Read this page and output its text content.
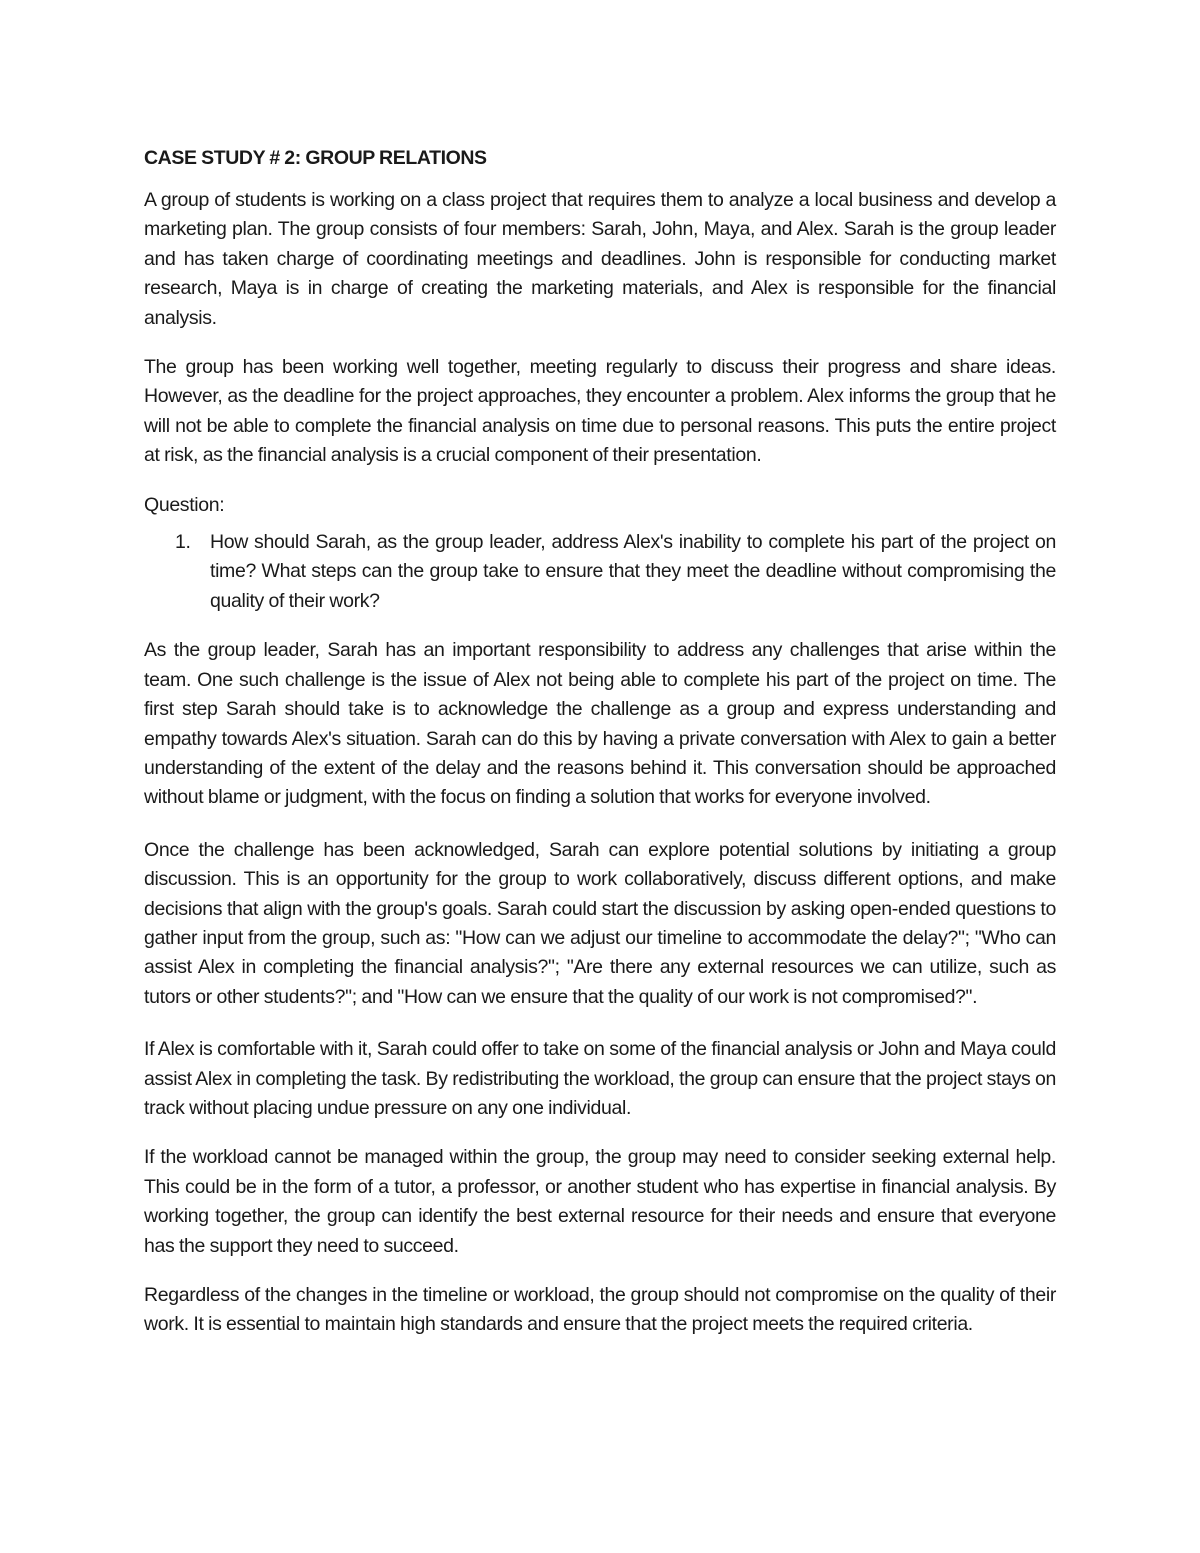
CASE STUDY # 2: GROUP RELATIONS

A group of students is working on a class project that requires them to analyze a local business and develop a marketing plan. The group consists of four members: Sarah, John, Maya, and Alex. Sarah is the group leader and has taken charge of coordinating meetings and deadlines. John is responsible for conducting market research, Maya is in charge of creating the marketing materials, and Alex is responsible for the financial analysis.

The group has been working well together, meeting regularly to discuss their progress and share ideas. However, as the deadline for the project approaches, they encounter a problem. Alex informs the group that he will not be able to complete the financial analysis on time due to personal reasons. This puts the entire project at risk, as the financial analysis is a crucial component of their presentation.

Question:

1. How should Sarah, as the group leader, address Alex's inability to complete his part of the project on time? What steps can the group take to ensure that they meet the deadline without compromising the quality of their work?

As the group leader, Sarah has an important responsibility to address any challenges that arise within the team. One such challenge is the issue of Alex not being able to complete his part of the project on time. The first step Sarah should take is to acknowledge the challenge as a group and express understanding and empathy towards Alex's situation. Sarah can do this by having a private conversation with Alex to gain a better understanding of the extent of the delay and the reasons behind it. This conversation should be approached without blame or judgment, with the focus on finding a solution that works for everyone involved.

Once the challenge has been acknowledged, Sarah can explore potential solutions by initiating a group discussion. This is an opportunity for the group to work collaboratively, discuss different options, and make decisions that align with the group's goals. Sarah could start the discussion by asking open-ended questions to gather input from the group, such as: "How can we adjust our timeline to accommodate the delay?"; "Who can assist Alex in completing the financial analysis?"; "Are there any external resources we can utilize, such as tutors or other students?"; and "How can we ensure that the quality of our work is not compromised?".

If Alex is comfortable with it, Sarah could offer to take on some of the financial analysis or John and Maya could assist Alex in completing the task. By redistributing the workload, the group can ensure that the project stays on track without placing undue pressure on any one individual.

If the workload cannot be managed within the group, the group may need to consider seeking external help. This could be in the form of a tutor, a professor, or another student who has expertise in financial analysis. By working together, the group can identify the best external resource for their needs and ensure that everyone has the support they need to succeed.

Regardless of the changes in the timeline or workload, the group should not compromise on the quality of their work. It is essential to maintain high standards and ensure that the project meets the required criteria.
